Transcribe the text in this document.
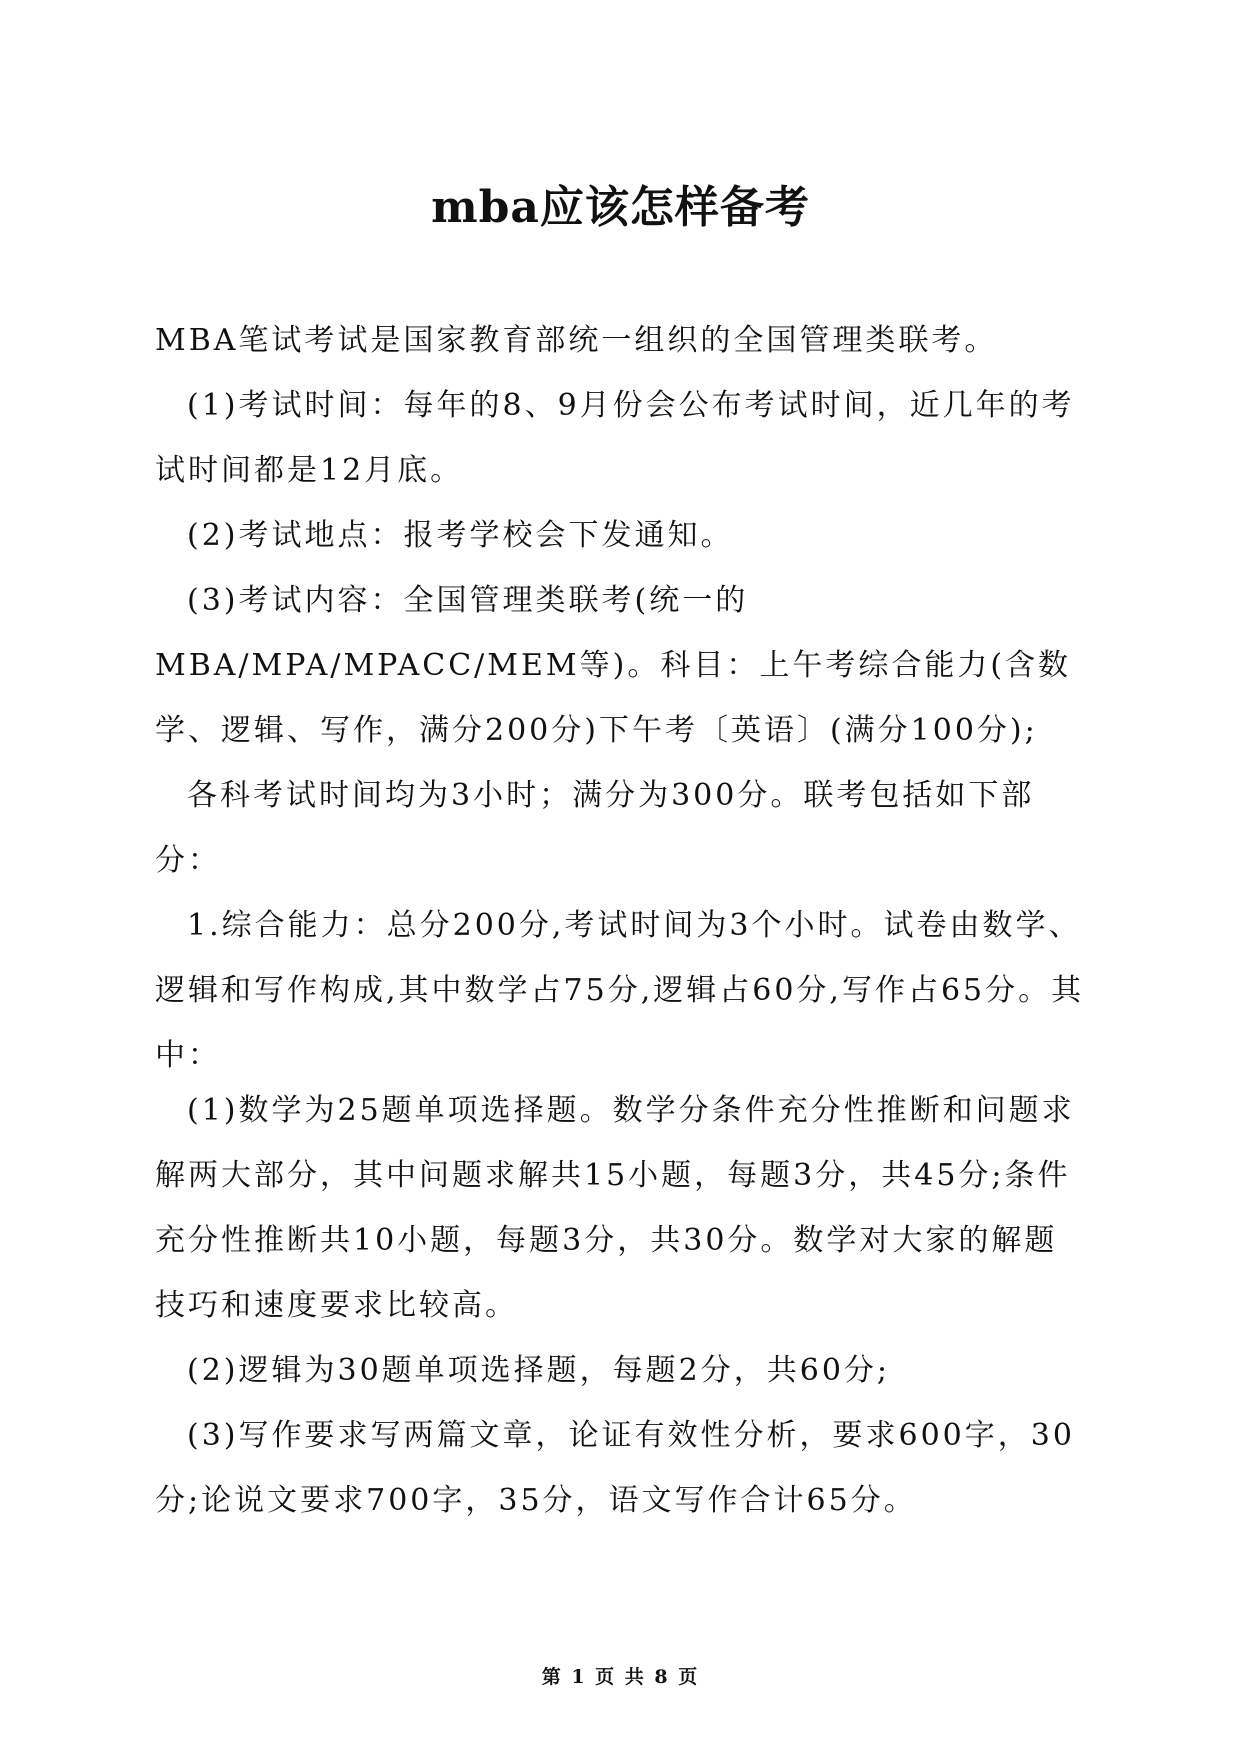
mba应该怎样备考

MBA笔试考试是国家教育部统一组织的全国管理类联考。

(1)考试时间：每年的8、9月份会公布考试时间，近几年的考试时间都是12月底。

(2)考试地点：报考学校会下发通知。

(3)考试内容：全国管理类联考(统一的MBA/MPA/MPACC/MEM等)。科目：上午考综合能力(含数学、逻辑、写作，满分200分)下午考〔英语〕(满分100分);

各科考试时间均为3小时；满分为300分。联考包括如下部分：

1.综合能力：总分200分,考试时间为3个小时。试卷由数学、逻辑和写作构成,其中数学占75分,逻辑占60分,写作占65分。其中：

(1)数学为25题单项选择题。数学分条件充分性推断和问题求解两大部分，其中问题求解共15小题，每题3分，共45分;条件充分性推断共10小题，每题3分，共30分。数学对大家的解题技巧和速度要求比较高。

(2)逻辑为30题单项选择题，每题2分，共60分;

(3)写作要求写两篇文章，论证有效性分析，要求600字，30分;论说文要求700字，35分，语文写作合计65分。

第 1 页 共 8 页
